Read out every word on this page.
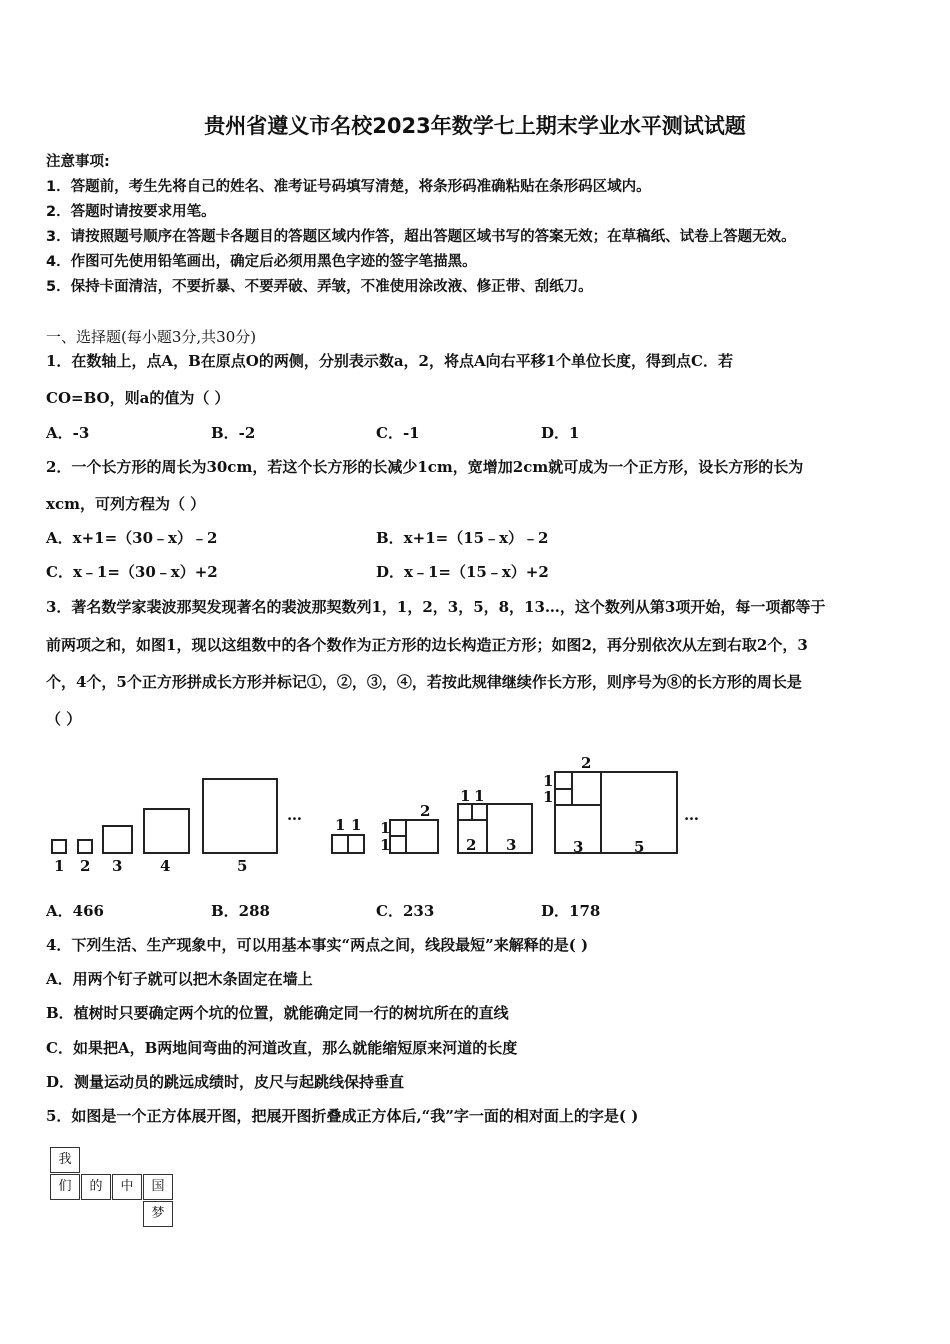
贵州省遵义市名校2023年数学七上期末学业水平测试试题
注意事项:
1．答题前，考生先将自己的姓名、准考证号码填写清楚，将条形码准确粘贴在条形码区域内。
2．答题时请按要求用笔。
3．请按照题号顺序在答题卡各题目的答题区域内作答，超出答题区域书写的答案无效；在草稿纸、试卷上答题无效。
4．作图可先使用铅笔画出，确定后必须用黑色字迹的签字笔描黑。
5．保持卡面清洁，不要折暴、不要弄破、弄皱，不准使用涂改液、修正带、刮纸刀。
一、选择题(每小题3分,共30分)
1．在数轴上，点A，B在原点O的两侧，分别表示数a，2，将点A向右平移1个单位长度，得到点C．若
CO=BO，则a的值为（ ）
A．-3	B．-2	C．-1	D．1
2．一个长方形的周长为30cm，若这个长方形的长减少1cm，宽增加2cm就可成为一个正方形，设长方形的长为
xcm，可列方程为（ ）
A．x+1=（30﹣x）﹣2	B．x+1=（15﹣x）﹣2
C．x﹣1=（30﹣x）+2	D．x﹣1=（15﹣x）+2
3．著名数学家裴波那契发现著名的裴波那契数列1，1，2，3，5，8，13…，这个数列从第3项开始，每一项都等于
前两项之和，如图1，现以这组数中的各个数作为正方形的边长构造正方形；如图2，再分别依次从左到右取2个，3
个，4个，5个正方形拼成长方形并标记①，②，③，④，若按此规律继续作长方形，则序号为⑧的长方形的周长是
（ ）
1 2 3	4	5
…
1 1 1
1
2
1 1
2 3
1
1
2
3	5
…
A．466	B．288	C．233	D．178
4．下列生活、生产现象中，可以用基本事实“两点之间，线段最短”来解释的是( )
A．用两个钉子就可以把木条固定在墙上
B．植树时只要确定两个坑的位置，就能确定同一行的树坑所在的直线
C．如果把A，B两地间弯曲的河道改直，那么就能缩短原来河道的长度
D．测量运动员的跳远成绩时，皮尺与起跳线保持垂直
5．如图是一个正方体展开图，把展开图折叠成正方体后,“我”字一面的相对面上的字是( )
我
们	的	中	国
梦
